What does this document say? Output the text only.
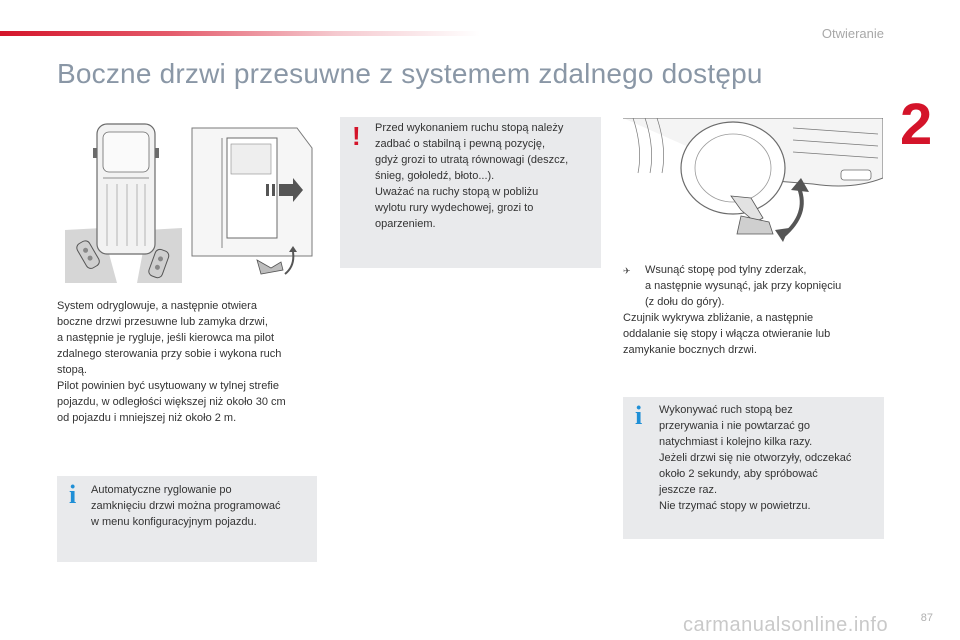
Otwieranie
2
Boczne drzwi przesuwne z systemem zdalnego dostępu

System odryglowuje, a następnie otwiera

boczne drzwi przesuwne lub zamyka drzwi,

a następnie je rygluje, jeśli kierowca ma pilot

zdalnego sterowania przy sobie i wykona ruch

stopą.

Pilot powinien być usytuowany w tylnej strefie

pojazdu, w odległości większej niż około 30 cm

od pojazdu i mniejszej niż około 2 m.

i Automatyczne ryglowanie po

zamknięciu drzwi można programować

w menu konfiguracyjnym pojazdu.

! Przed wykonaniem ruchu stopą należy

zadbać o stabilną i pewną pozycję,

gdyż grozi to utratą równowagi (deszcz,

śnieg, gołoledź, błoto...).

Uważać na ruchy stopą w pobliżu

wylotu rury wydechowej, grozi to

oparzeniem.

✈	Wsunąć stopę pod tylny zderzak,

a następnie wysunąć, jak przy kopnięciu

(z dołu do góry).

Czujnik wykrywa zbliżanie, a następnie

oddalanie się stopy i włącza otwieranie lub

zamykanie bocznych drzwi.

i Wykonywać ruch stopą bez

przerywania i nie powtarzać go

natychmiast i kolejno kilka razy.

Jeżeli drzwi się nie otworzyły, odczekać

około 2 sekundy, aby spróbować

jeszcze raz.

Nie trzymać stopy w powietrzu.

carmanualsonline.info	87
